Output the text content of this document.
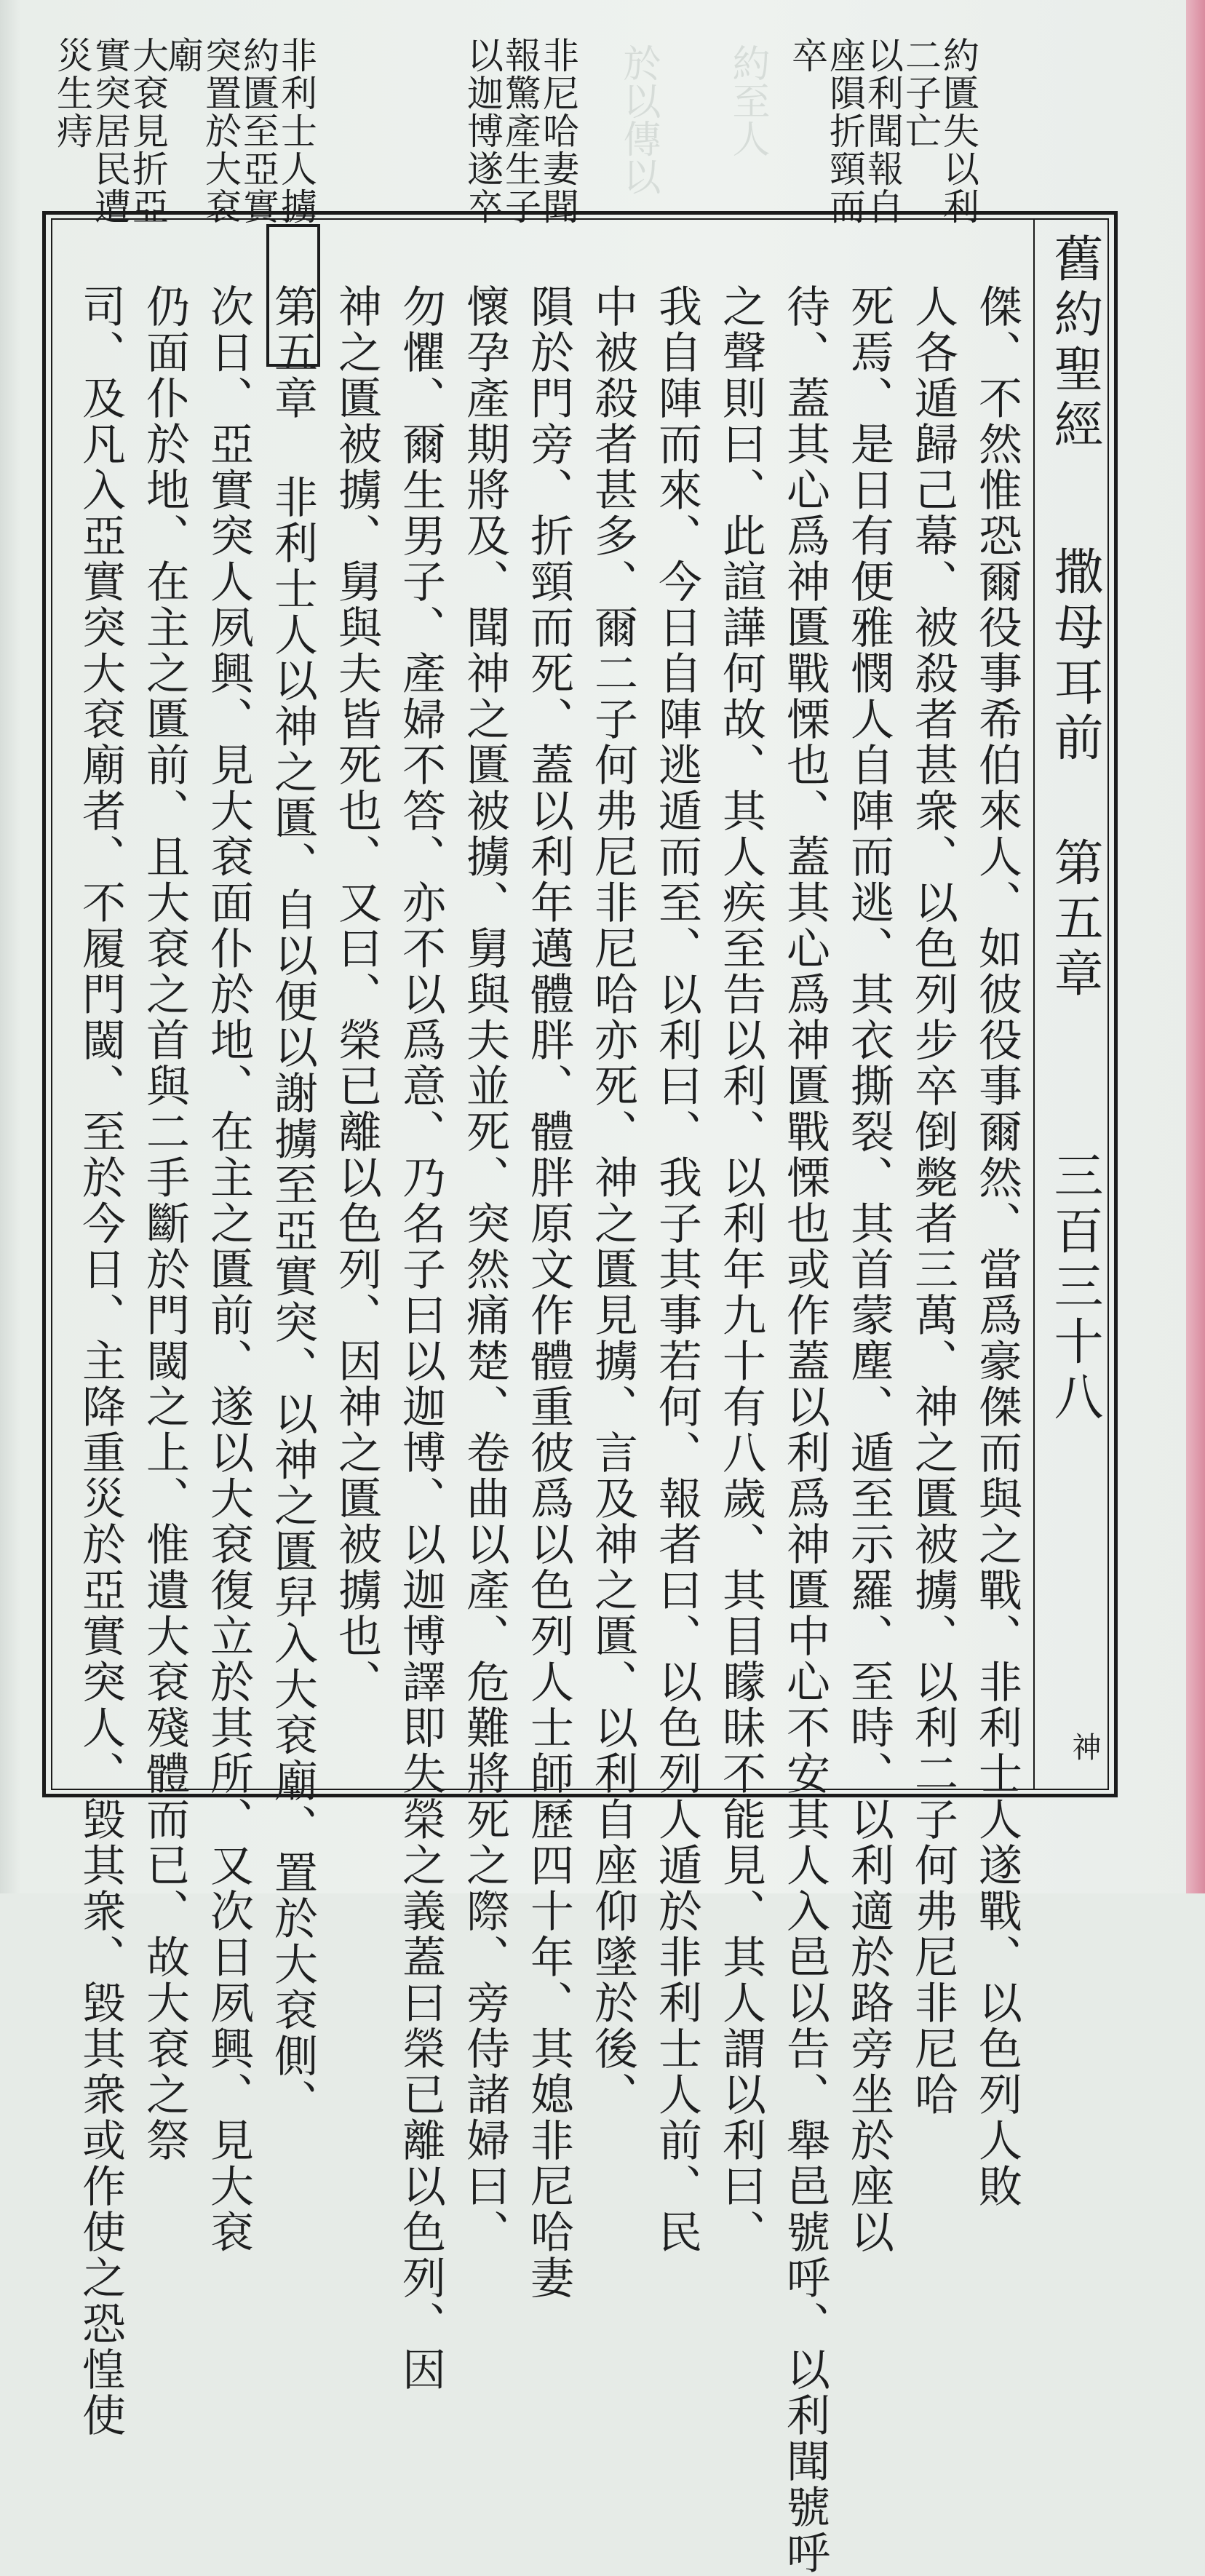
於以傳以 約至人	約匱失以利
二子亡
以利聞報自
座隕折頸而
卒
非尼哈妻聞
報驚產生子
以迦博遂卒
非利士人擄
約匱至亞實
突置於大袞
廟
大袞見折亞
實突居民遭
災生痔
舊約聖經
撒母耳前
第五章
三百三十八
神
傑、不然惟恐爾役事希伯來人、如彼役事爾然、當爲豪傑而與之戰、非利士人遂戰、以色列人敗
人各遁歸己幕、被殺者甚衆、以色列步卒倒斃者三萬、神之匱被擄、以利二子何弗尼非尼哈
死焉、是日有便雅憫人自陣而逃、其衣撕裂、其首蒙塵、遁至示羅、至時、以利適於路旁坐於座以
待、蓋其心爲神匱戰慄也、蓋其心爲神匱戰慄也或作蓋以利爲神匱中心不安其人入邑以告、舉邑號呼、以利聞號呼
之聲則曰、此諠譁何故、其人疾至告以利、以利年九十有八歲、其目矇昧不能見、其人謂以利曰、
我自陣而來、今日自陣逃遁而至、以利曰、我子其事若何、報者曰、以色列人遁於非利士人前、民
中被殺者甚多、爾二子何弗尼非尼哈亦死、神之匱見擄、言及神之匱、以利自座仰墜於後、
隕於門旁、折頸而死、蓋以利年邁體胖、體胖原文作體重彼爲以色列人士師歷四十年、其媳非尼哈妻
懷孕產期將及、聞神之匱被擄、舅與夫並死、突然痛楚、卷曲以產、危難將死之際、旁侍諸婦曰、
勿懼、爾生男子、產婦不答、亦不以爲意、乃名子曰以迦博、以迦博譯即失榮之義蓋曰榮已離以色列、因
神之匱被擄、舅與夫皆死也、又曰、榮已離以色列、因神之匱被擄也、
第五章 非利士人以神之匱、自以便以謝擄至亞實突、以神之匱舁入大袞廟、置於大袞側、
次日、亞實突人夙興、見大袞面仆於地、在主之匱前、遂以大袞復立於其所、又次日夙興、見大袞
仍面仆於地、在主之匱前、且大袞之首與二手斷於門閾之上、惟遺大袞殘體而已、故大袞之祭
司、及凡入亞實突大袞廟者、不履門閾、至於今日、主降重災於亞實突人、毀其衆、毀其衆或作使之恐惶使
